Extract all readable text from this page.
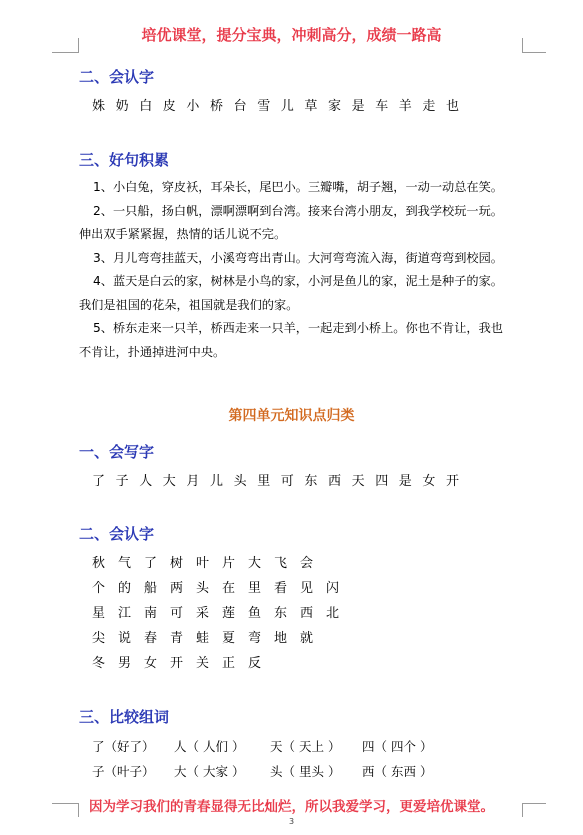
培优课堂，提分宝典，冲刺高分，成绩一路高
二、会认字
姝 奶 白 皮 小 桥 台 雪 儿 草 家 是 车 羊 走 也
三、好句积累
1、小白兔，穿皮袄，耳朵长，尾巴小。三瓣嘴，胡子翘，一动一动总在笑。
2、一只船，扬白帆，漂啊漂啊到台湾。接来台湾小朋友，到我学校玩一玩。
伸出双手紧紧握，热情的话儿说不完。
3、月儿弯弯挂蓝天，小溪弯弯出青山。大河弯弯流入海，街道弯弯到校园。
4、蓝天是白云的家，树林是小鸟的家，小河是鱼儿的家，泥土是种子的家。
我们是祖国的花朵，祖国就是我们的家。
5、桥东走来一只羊，桥西走来一只羊，一起走到小桥上。你也不肯让，我也
不肯让，扑通掉进河中央。
第四单元知识点归类
一、会写字
了 子 人 大 月 儿 头 里 可 东 西 天 四 是 女 开
二、会认字
秋 气 了 树 叶 片 大 飞 会
个 的 船 两 头 在 里 看 见 闪
星 江 南 可 采 莲 鱼 东 西 北
尖 说 春 青 蛙 夏 弯 地 就
冬 男 女 开 关 正 反
三、比较组词
了（好了） 人（ 人们 ） 天（ 天上 ） 四（ 四个 ）
子（叶子） 大（ 大家 ） 头（ 里头 ） 西（ 东西 ）
因为学习我们的青春显得无比灿烂，所以我爱学习，更爱培优课堂。
3
